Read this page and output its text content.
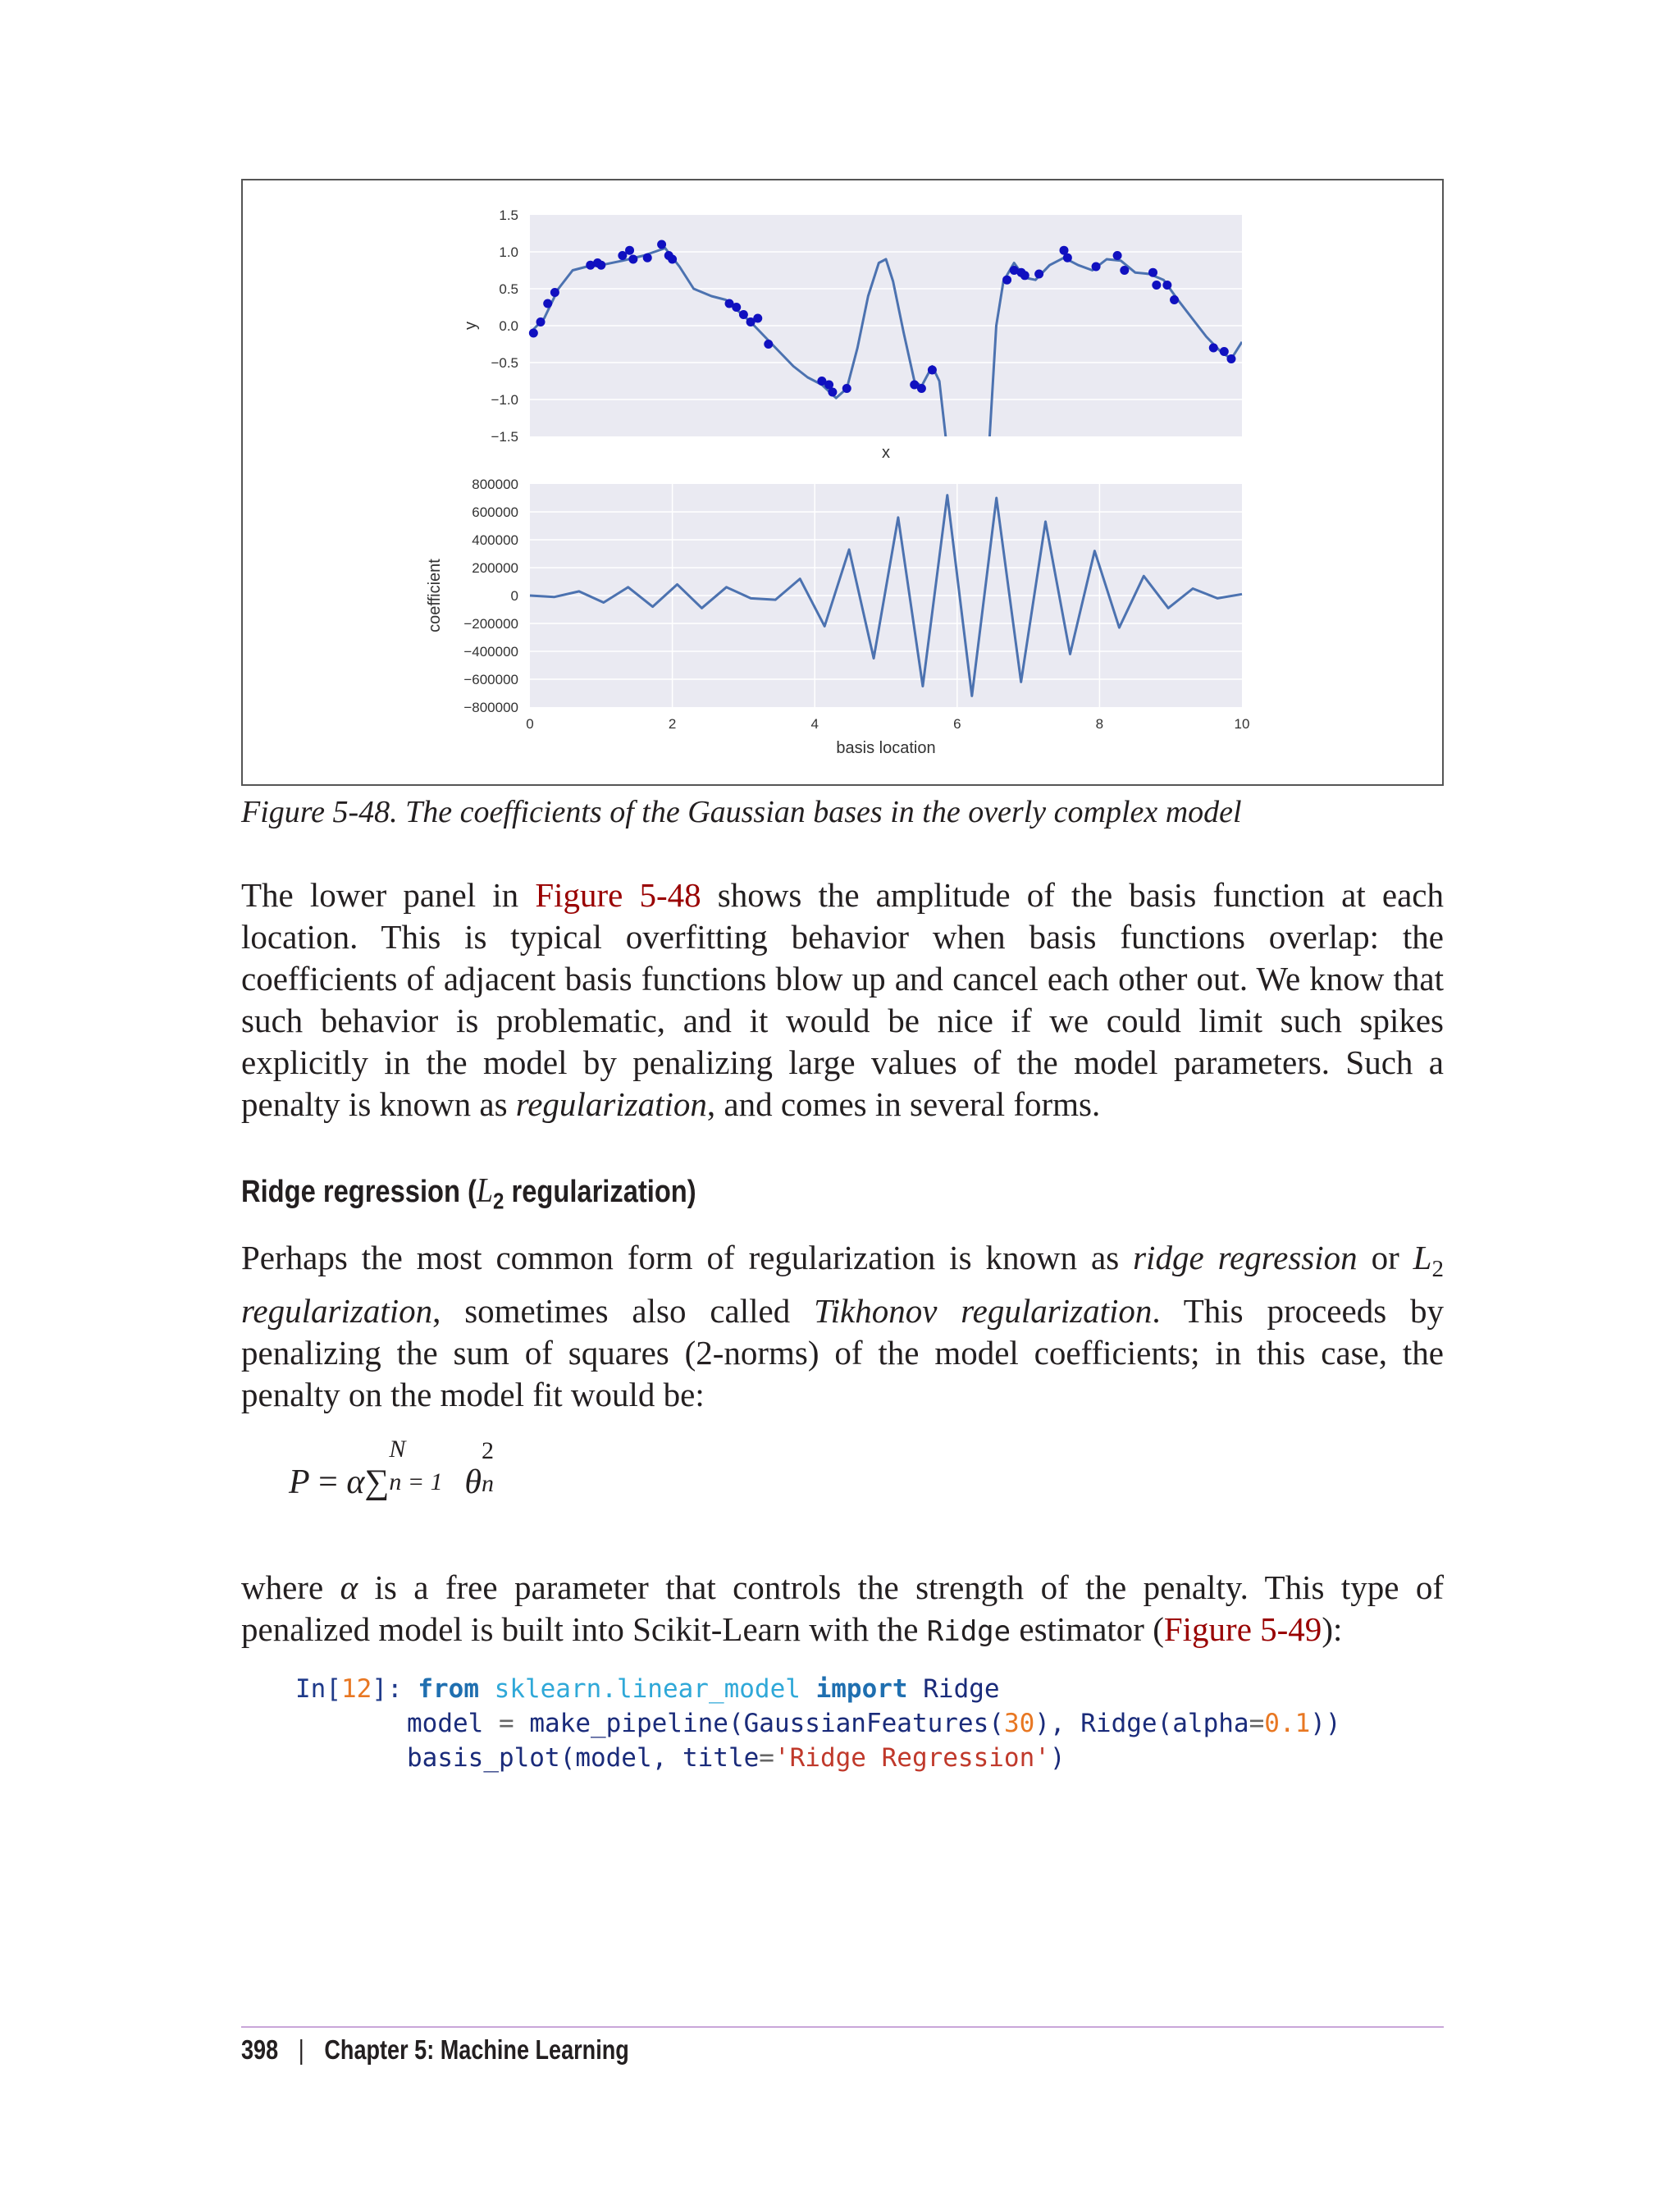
1.5
1.0
0.5
0.0
−0.5
−1.0
−1.5
y
x
800000
600000
400000
200000
0
−200000
−400000
−600000
−800000
0	2	4	6	8	10
coefficient
basis location
Figure 5-48. The coefficients of the Gaussian bases in the overly complex model
The lower panel in Figure 5-48 shows the amplitude of the basis function at each location. This is typical overfitting behavior when basis functions overlap: the coefficients of adjacent basis functions blow up and cancel each other out. We know that such behavior is problematic, and it would be nice if we could limit such spikes explicitly in the model by penalizing large values of the model parameters. Such a penalty is known as regularization, and comes in several forms.
Ridge regression ($L_2$ regularization)
Perhaps the most common form of regularization is known as ridge regression or $L_2$ regularization, sometimes also called Tikhonov regularization. This proceeds by penalizing the sum of squares (2-norms) of the model coefficients; in this case, the penalty on the model fit would be:
P = α∑
N
n = 1 θ
2
n
where α is a free parameter that controls the strength of the penalty. This type of penalized model is built into Scikit-Learn with the Ridge estimator (Figure 5-49):
In[12]: from sklearn.linear_model import Ridge
model = make_pipeline(GaussianFeatures(30), Ridge(alpha=0.1))
basis_plot(model, title='Ridge Regression')
398 | Chapter 5: Machine Learning
